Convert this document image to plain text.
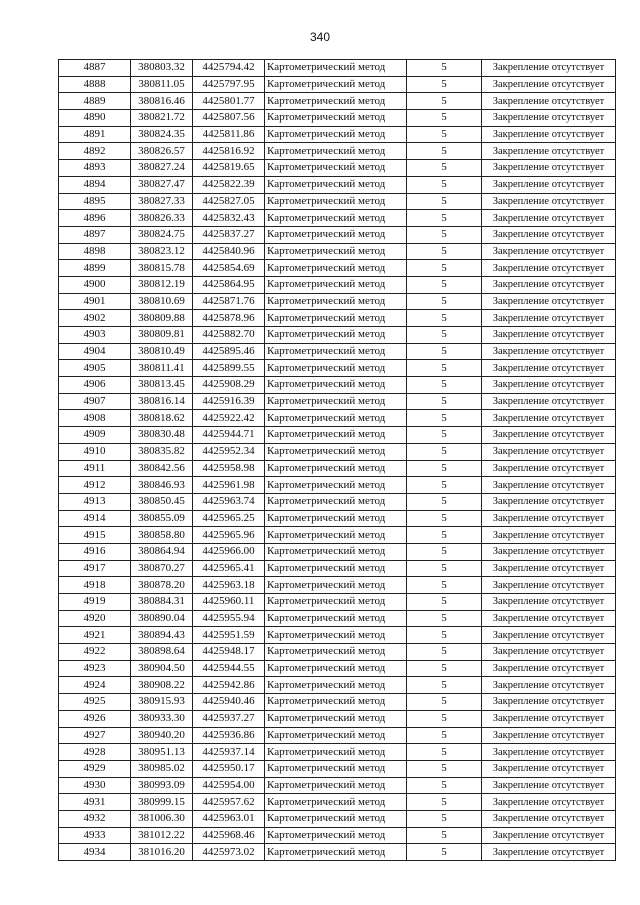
340
4887	380803.32	4425794.42	Картометрический метод	5	Закрепление отсутствует
4888	380811.05	4425797.95	Картометрический метод	5	Закрепление отсутствует
4889	380816.46	4425801.77	Картометрический метод	5	Закрепление отсутствует
4890	380821.72	4425807.56	Картометрический метод	5	Закрепление отсутствует
4891	380824.35	4425811.86	Картометрический метод	5	Закрепление отсутствует
4892	380826.57	4425816.92	Картометрический метод	5	Закрепление отсутствует
4893	380827.24	4425819.65	Картометрический метод	5	Закрепление отсутствует
4894	380827.47	4425822.39	Картометрический метод	5	Закрепление отсутствует
4895	380827.33	4425827.05	Картометрический метод	5	Закрепление отсутствует
4896	380826.33	4425832.43	Картометрический метод	5	Закрепление отсутствует
4897	380824.75	4425837.27	Картометрический метод	5	Закрепление отсутствует
4898	380823.12	4425840.96	Картометрический метод	5	Закрепление отсутствует
4899	380815.78	4425854.69	Картометрический метод	5	Закрепление отсутствует
4900	380812.19	4425864.95	Картометрический метод	5	Закрепление отсутствует
4901	380810.69	4425871.76	Картометрический метод	5	Закрепление отсутствует
4902	380809.88	4425878.96	Картометрический метод	5	Закрепление отсутствует
4903	380809.81	4425882.70	Картометрический метод	5	Закрепление отсутствует
4904	380810.49	4425895.46	Картометрический метод	5	Закрепление отсутствует
4905	380811.41	4425899.55	Картометрический метод	5	Закрепление отсутствует
4906	380813.45	4425908.29	Картометрический метод	5	Закрепление отсутствует
4907	380816.14	4425916.39	Картометрический метод	5	Закрепление отсутствует
4908	380818.62	4425922.42	Картометрический метод	5	Закрепление отсутствует
4909	380830.48	4425944.71	Картометрический метод	5	Закрепление отсутствует
4910	380835.82	4425952.34	Картометрический метод	5	Закрепление отсутствует
4911	380842.56	4425958.98	Картометрический метод	5	Закрепление отсутствует
4912	380846.93	4425961.98	Картометрический метод	5	Закрепление отсутствует
4913	380850.45	4425963.74	Картометрический метод	5	Закрепление отсутствует
4914	380855.09	4425965.25	Картометрический метод	5	Закрепление отсутствует
4915	380858.80	4425965.96	Картометрический метод	5	Закрепление отсутствует
4916	380864.94	4425966.00	Картометрический метод	5	Закрепление отсутствует
4917	380870.27	4425965.41	Картометрический метод	5	Закрепление отсутствует
4918	380878.20	4425963.18	Картометрический метод	5	Закрепление отсутствует
4919	380884.31	4425960.11	Картометрический метод	5	Закрепление отсутствует
4920	380890.04	4425955.94	Картометрический метод	5	Закрепление отсутствует
4921	380894.43	4425951.59	Картометрический метод	5	Закрепление отсутствует
4922	380898.64	4425948.17	Картометрический метод	5	Закрепление отсутствует
4923	380904.50	4425944.55	Картометрический метод	5	Закрепление отсутствует
4924	380908.22	4425942.86	Картометрический метод	5	Закрепление отсутствует
4925	380915.93	4425940.46	Картометрический метод	5	Закрепление отсутствует
4926	380933.30	4425937.27	Картометрический метод	5	Закрепление отсутствует
4927	380940.20	4425936.86	Картометрический метод	5	Закрепление отсутствует
4928	380951.13	4425937.14	Картометрический метод	5	Закрепление отсутствует
4929	380985.02	4425950.17	Картометрический метод	5	Закрепление отсутствует
4930	380993.09	4425954.00	Картометрический метод	5	Закрепление отсутствует
4931	380999.15	4425957.62	Картометрический метод	5	Закрепление отсутствует
4932	381006.30	4425963.01	Картометрический метод	5	Закрепление отсутствует
4933	381012.22	4425968.46	Картометрический метод	5	Закрепление отсутствует
4934	381016.20	4425973.02	Картометрический метод	5	Закрепление отсутствует
